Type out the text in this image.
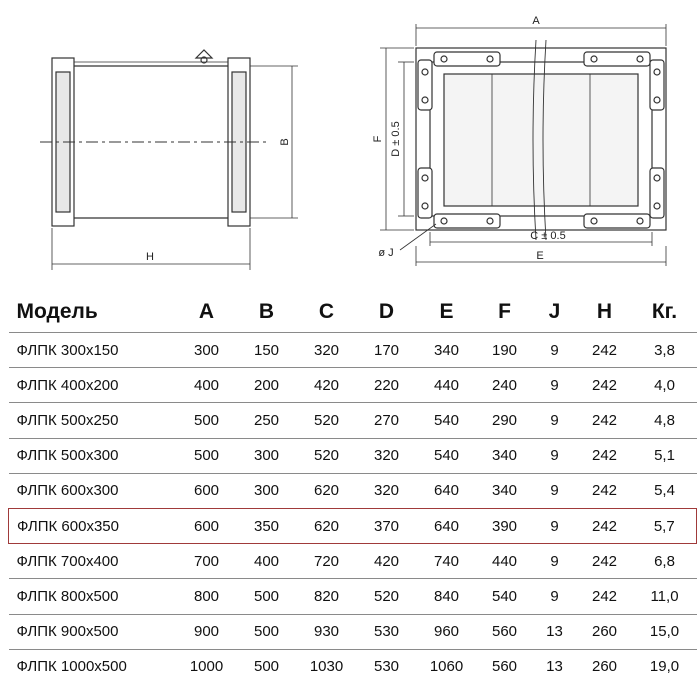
H
B
A
F D ± 0.5
C ± 0.5
E
ø J
Модель	A	B	C	D	E	F	J	H	Кг.
ФЛПК 300x150	300	150	320	170	340	190	9	242	3,8
ФЛПК 400x200	400	200	420	220	440	240	9	242	4,0
ФЛПК 500x250	500	250	520	270	540	290	9	242	4,8
ФЛПК 500x300	500	300	520	320	540	340	9	242	5,1
ФЛПК 600x300	600	300	620	320	640	340	9	242	5,4
ФЛПК 600x350	600	350	620	370	640	390	9	242	5,7
ФЛПК 700x400	700	400	720	420	740	440	9	242	6,8
ФЛПК 800x500	800	500	820	520	840	540	9	242	11,0
ФЛПК 900x500	900	500	930	530	960	560	13	260	15,0
ФЛПК 1000x500	1000	500	1030	530	1060	560	13	260	19,0
